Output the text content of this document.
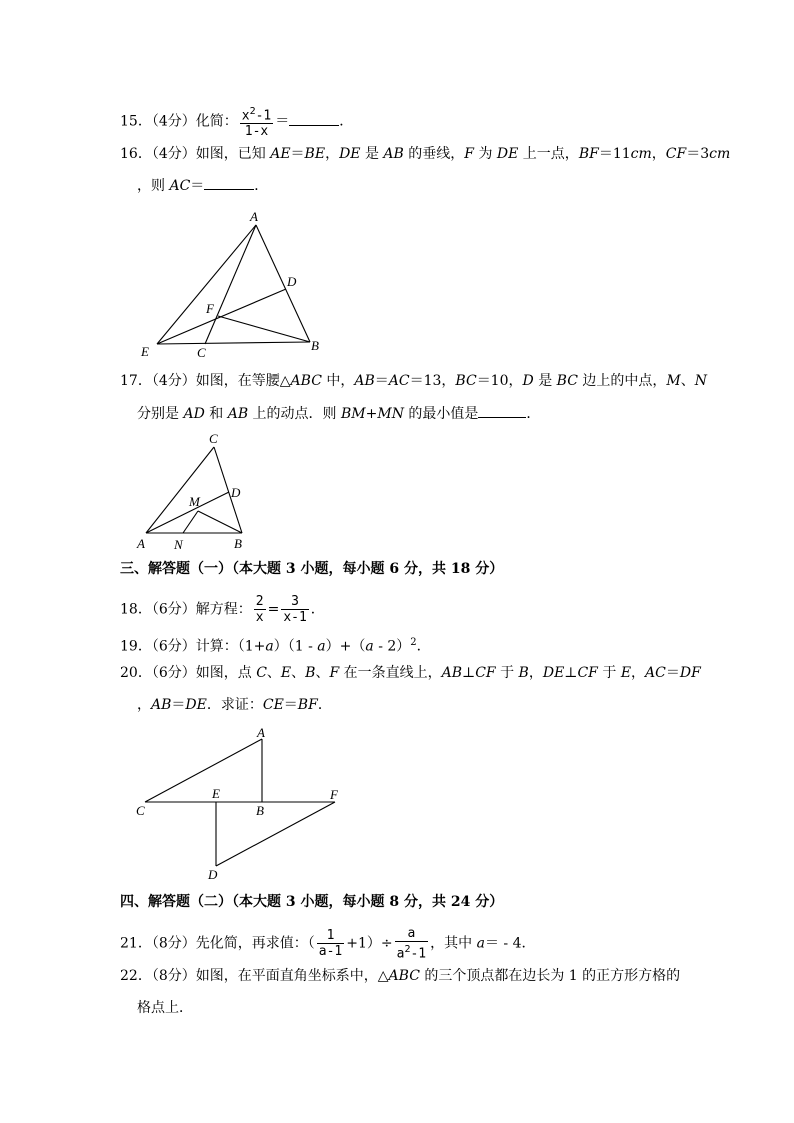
15．（4分）化简： $\frac{x^2-1}{1-x}$ ＝	．
16．（4分）如图，已知 AE＝BE，DE 是 AB 的垂线，F 为 DE 上一点，BF＝11cm，CF＝3cm
，则 AC＝	．
A
D
F
E	C	B
17．（4分）如图，在等腰△ABC 中，AB＝AC＝13，BC＝10，D 是 BC 边上的中点，M、N
分别是 AD 和 AB 上的动点．则 BM+MN 的最小值是	．
C
D
M
A N	B
三、解答题（一）（本大题 3 小题，每小题 6 分，共 18 分）
18．（6分）解方程： $\frac{2}{x} = \frac{3}{x-1}$ ．
19．（6分）计算：（1+a）（1 - a）+（a - 2）$^2$．
20．（6分）如图，点 C、E、B、F 在一条直线上，AB⊥CF 于 B，DE⊥CF 于 E，AC＝DF
，AB＝DE．求证：CE＝BF．
A
C
E
B
F
D
四、解答题（二）（本大题 3 小题，每小题 8 分，共 24 分）
21．（8分）先化简，再求值：（ $\frac{1}{a-1} +1)\div \frac{a}{a^2-1}$ ，其中 a＝ - 4．
22．（8分）如图，在平面直角坐标系中，△ABC 的三个顶点都在边长为 1 的正方形方格的
格点上．
